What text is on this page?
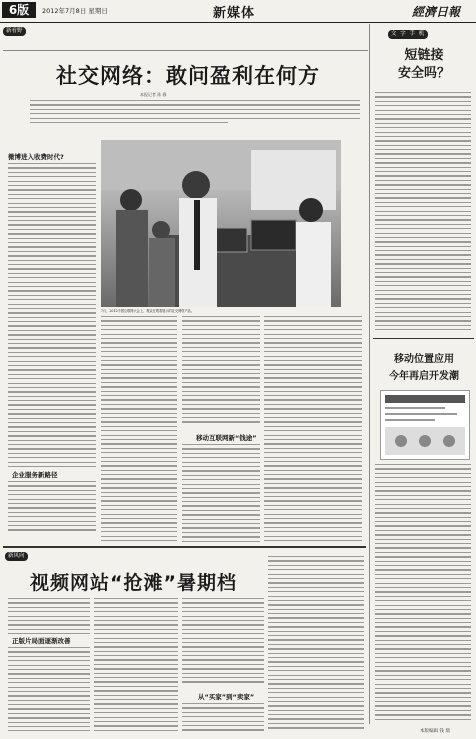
6版	2012年7月8日 星期日	新媒体	經濟日報
新看野
社交网络：敢问盈利在何方
本报记者 陈 静
微博进入收费时代?
企业服务新路径
7月，2012中国互联网大会上，观众在观看展示的社交网络产品。
移动互联网新“钱途”
新风向
视频网站“抢滩”暑期档
正版片局面逐渐改善
从“买家”到“卖家”
文 字 手 机
短链接
安全吗？
移动位置应用
今年再启开发潮
本版编辑 钱 鼎
